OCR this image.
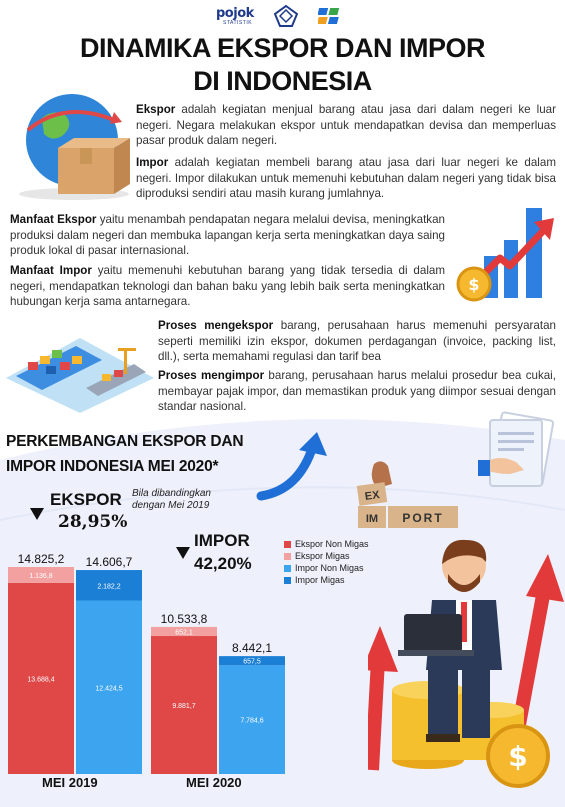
pojok
STATISTIK
DINAMIKA EKSPOR DAN IMPOR
DI INDONESIA

Ekspor adalah kegiatan menjual barang atau jasa dari dalam negeri ke luar negeri. Negara melakukan ekspor untuk mendapatkan devisa dan memperluas pasar produk dalam negeri.

Impor adalah kegiatan membeli barang atau jasa dari luar negeri ke dalam negeri. Impor dilakukan untuk memenuhi kebutuhan dalam negeri yang tidak bisa diproduksi sendiri atau masih kurang jumlahnya.

Manfaat Ekspor yaitu menambah pendapatan negara melalui devisa, meningkatkan produksi dalam negeri dan membuka lapangan kerja serta meningkatkan daya saing produk lokal di pasar internasional.

Manfaat Impor yaitu memenuhi kebutuhan barang yang tidak tersedia di dalam negeri, mendapatkan teknologi dan bahan baku yang lebih baik serta meningkatkan hubungan kerja sama antarnegara.

$

Proses mengekspor barang, perusahaan harus memenuhi persyaratan seperti memiliki izin ekspor, dokumen perdagangan (invoice, packing list, dll.), serta memahami regulasi dan tarif bea

Proses mengimpor barang, perusahaan harus melalui prosedur bea cukai, membayar pajak impor, dan memastikan produk yang diimpor sesuai dengan standar nasional.

PERKEMBANGAN EKSPOR DAN
IMPOR INDONESIA MEI 2020*
EX
IM PORT
EKSPOR
28,95%
Bila dibandingkan
dengan Mei 2019
IMPOR
42,20%
Ekspor Non Migas
Ekspor Migas
Impor Non Migas
Impor Migas
13.688,4
1.136,8
14.825,2
12.424,5
2.182,2
14.606,7
9.881,7
652,1
10.533,8
7.784,6
657,5
8.442,1
MEI 2019	MEI 2020
$
